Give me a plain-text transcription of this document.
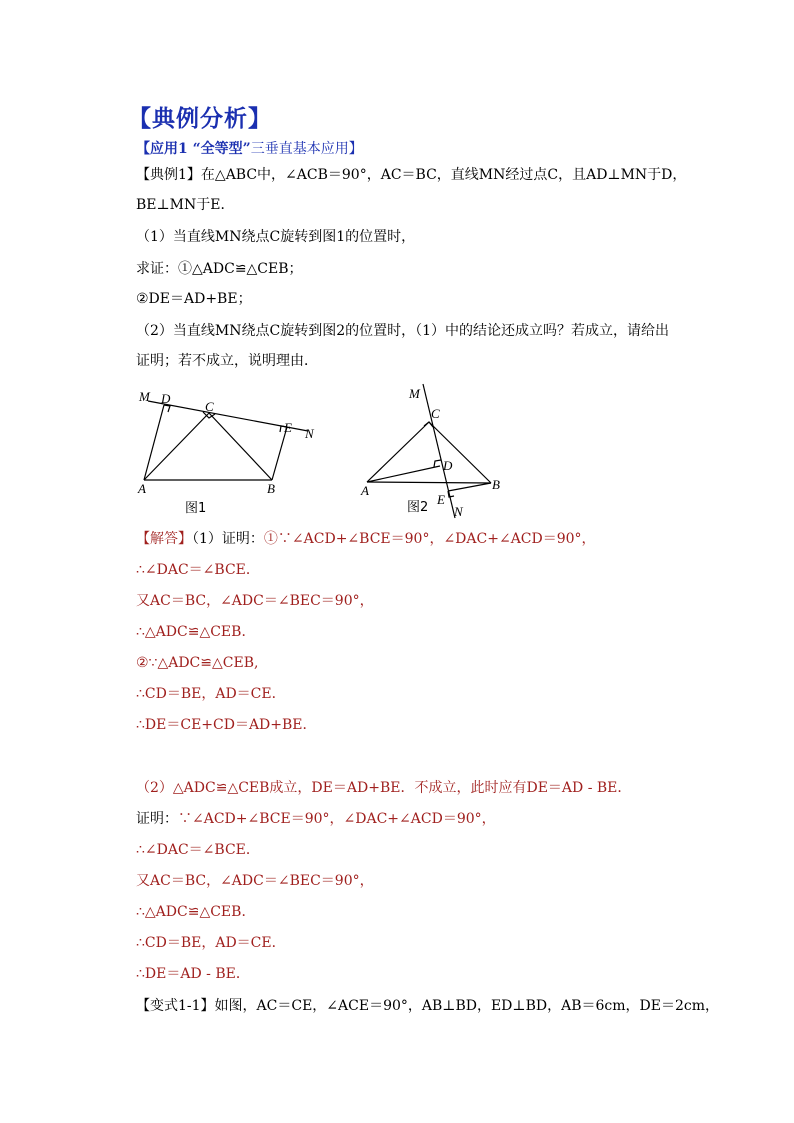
【典例分析】
【应用1 “全等型”三垂直基本应用】
【典例1】在△ABC中，∠ACB＝90°，AC＝BC，直线MN经过点C，且AD⊥MN于D，
BE⊥MN于E．
（1）当直线MN绕点C旋转到图1的位置时，
求证：①△ADC≌△CEB；
②DE＝AD+BE；
（2）当直线MN绕点C旋转到图2的位置时，（1）中的结论还成立吗？若成立，请给出
证明；若不成立，说明理由．
M D
C
E N
A	B
图1
M
C
D
A	B
E
N
图2
【解答】（1）证明：①∵∠ACD+∠BCE＝90°，∠DAC+∠ACD＝90°，
∴∠DAC＝∠BCE．
又AC＝BC，∠ADC＝∠BEC＝90°，
∴△ADC≌△CEB．
②∵△ADC≌△CEB,
∴CD＝BE，AD＝CE．
∴DE＝CE+CD＝AD+BE．
（2）△ADC≌△CEB成立，DE＝AD+BE．不成立，此时应有DE＝AD - BE．
证明：∵∠ACD+∠BCE＝90°，∠DAC+∠ACD＝90°，
∴∠DAC＝∠BCE．
又AC＝BC，∠ADC＝∠BEC＝90°，
∴△ADC≌△CEB．
∴CD＝BE，AD＝CE．
∴DE＝AD - BE．
【变式1-1】如图，AC＝CE，∠ACE＝90°，AB⊥BD，ED⊥BD，AB＝6cm，DE＝2cm，
